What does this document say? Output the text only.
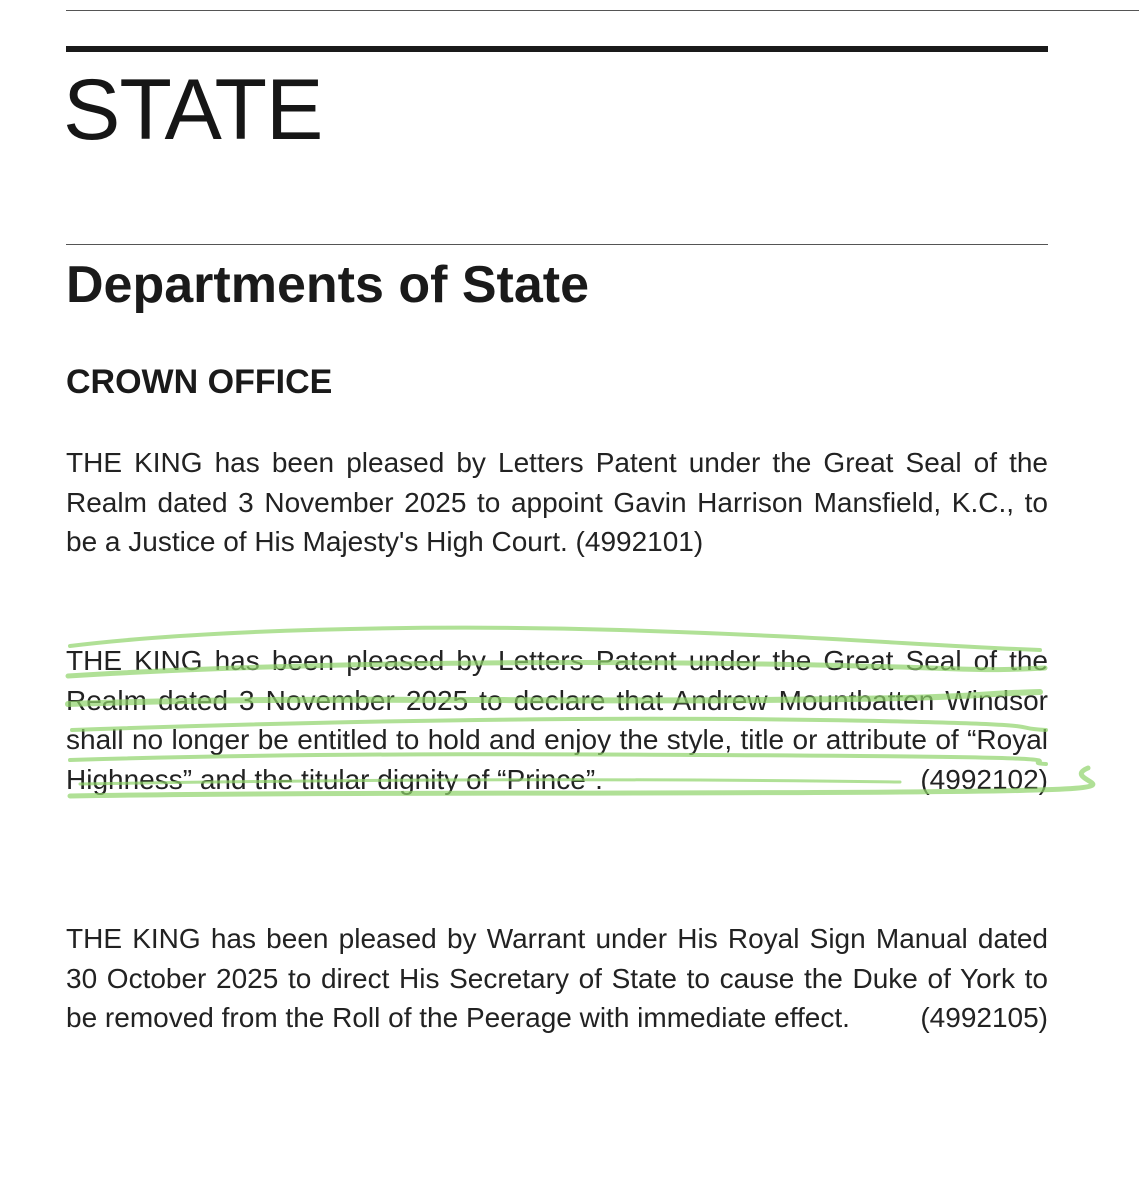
STATE
Departments of State
CROWN OFFICE

THE KING has been pleased by Letters Patent under the Great Seal of the Realm dated 3 November 2025 to appoint Gavin Harrison Mansfield, K.C., to be a Justice of His Majesty's High Court. (4992101)

THE KING has been pleased by Letters Patent under the Great Seal of the Realm dated 3 November 2025 to declare that Andrew Mountbatten Windsor shall no longer be entitled to hold and enjoy the style, title or attribute of “Royal Highness” and the titular dignity of “Prince”.	(4992102)

THE KING has been pleased by Warrant under His Royal Sign Manual dated 30 October 2025 to direct His Secretary of State to cause the Duke of York to be removed from the Roll of the Peerage with immediate effect.	(4992105)
